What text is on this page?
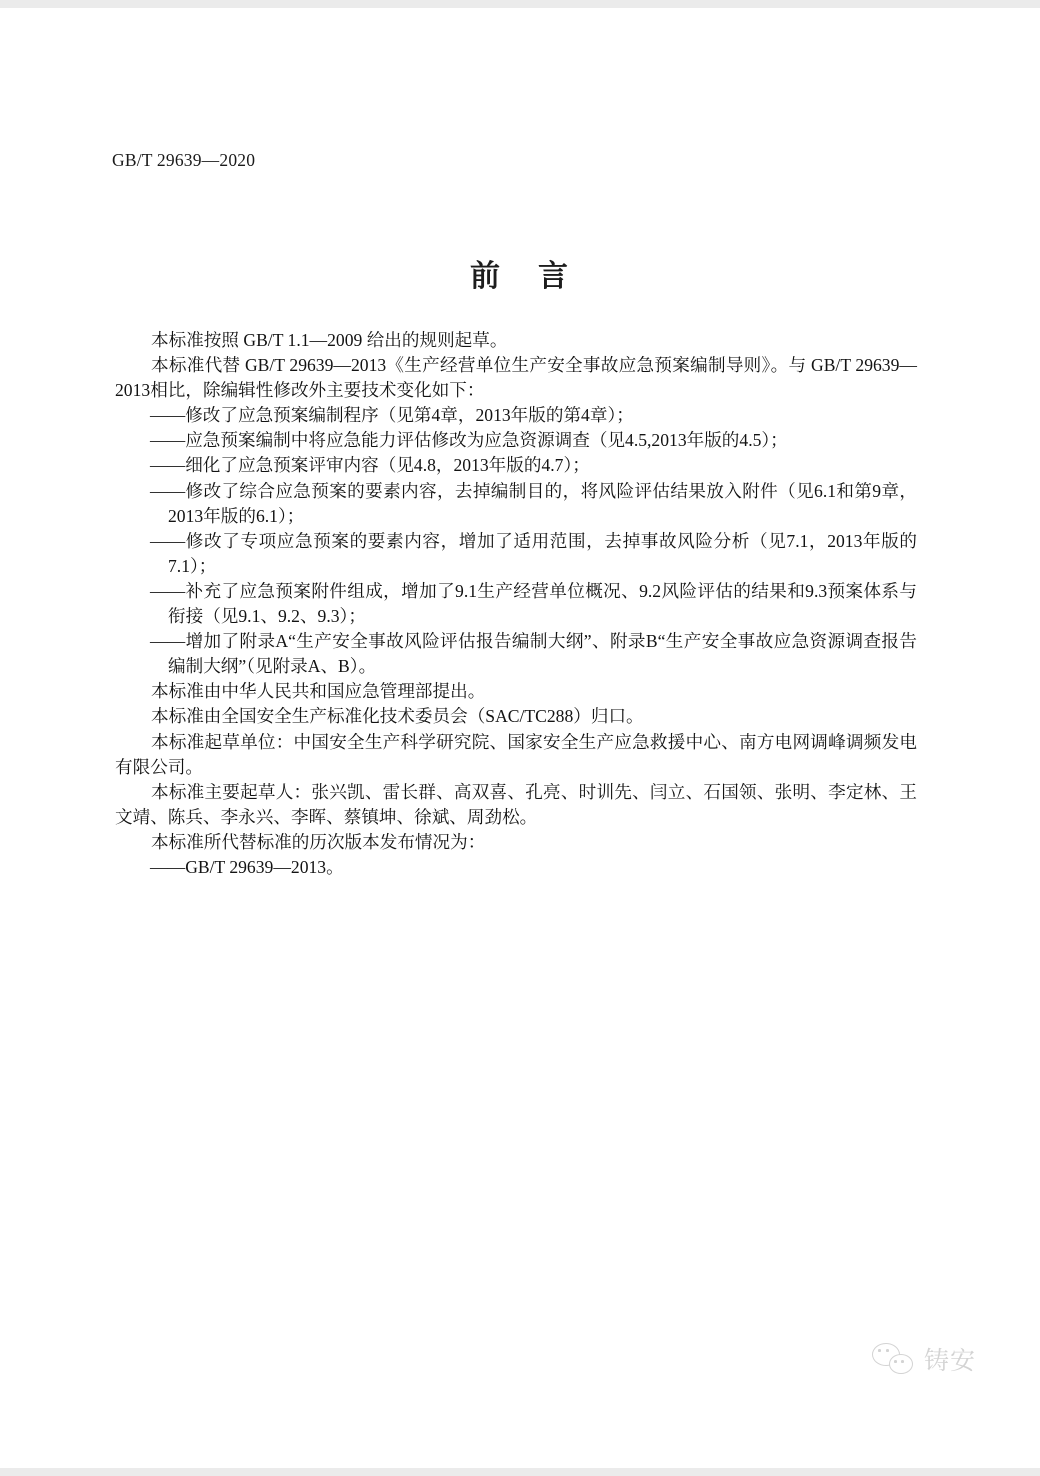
GB/T 29639—2020
前 言

本标准按照 GB/T 1.1—2009 给出的规则起草。

本标准代替 GB/T 29639—2013《生产经营单位生产安全事故应急预案编制导则》。与 GB/T 29639—2013相比，除编辑性修改外主要技术变化如下：

——修改了应急预案编制程序（见第4章，2013年版的第4章）；

——应急预案编制中将应急能力评估修改为应急资源调查（见4.5,2013年版的4.5）；

——细化了应急预案评审内容（见4.8，2013年版的4.7）；

——修改了综合应急预案的要素内容，去掉编制目的，将风险评估结果放入附件（见6.1和第9章，2013年版的6.1）；

——修改了专项应急预案的要素内容，增加了适用范围，去掉事故风险分析（见7.1，2013年版的7.1）；

——补充了应急预案附件组成，增加了9.1生产经营单位概况、9.2风险评估的结果和9.3预案体系与衔接（见9.1、9.2、9.3）；

——增加了附录A“生产安全事故风险评估报告编制大纲”、附录B“生产安全事故应急资源调查报告编制大纲”（见附录A、B）。

本标准由中华人民共和国应急管理部提出。

本标准由全国安全生产标准化技术委员会（SAC/TC288）归口。

本标准起草单位：中国安全生产科学研究院、国家安全生产应急救援中心、南方电网调峰调频发电有限公司。

本标准主要起草人：张兴凯、雷长群、高双喜、孔亮、时训先、闫立、石国领、张明、李定林、王文靖、陈兵、李永兴、李晖、蔡镇坤、徐斌、周劲松。

本标准所代替标准的历次版本发布情况为：

——GB/T 29639—2013。

铸安
